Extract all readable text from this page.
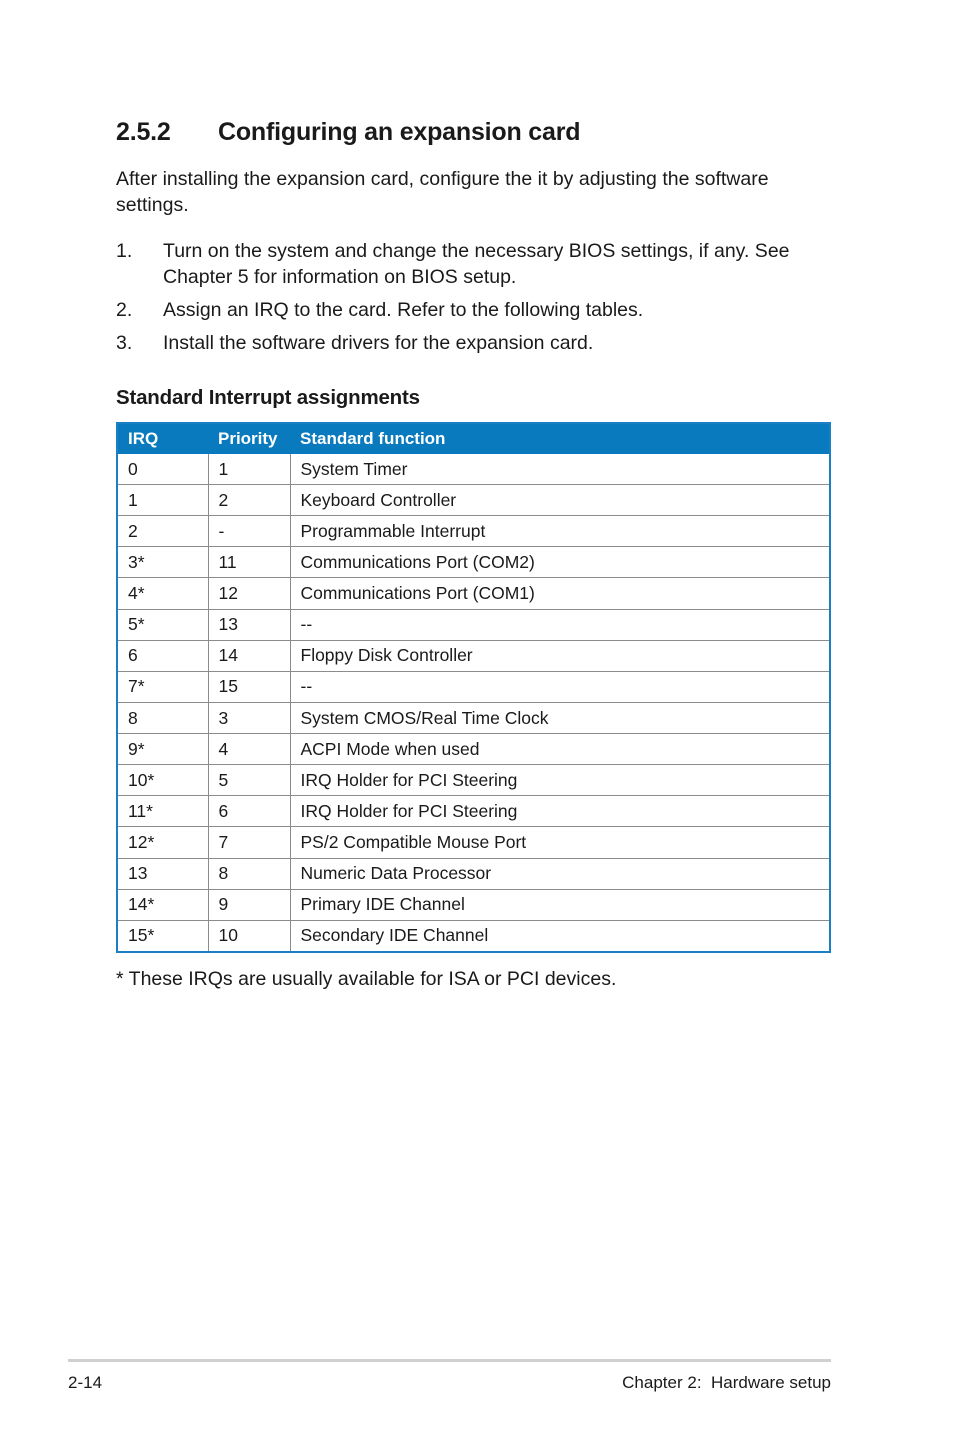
2.5.2 Configuring an expansion card

After installing the expansion card, configure the it by adjusting the software settings.

1. Turn on the system and change the necessary BIOS settings, if any. See Chapter 5 for information on BIOS setup.
2. Assign an IRQ to the card. Refer to the following tables.
3. Install the software drivers for the expansion card.
Standard Interrupt assignments
IRQ	Priority	Standard function
0	1	System Timer
1	2	Keyboard Controller
2	-	Programmable Interrupt
3*	11	Communications Port (COM2)
4*	12	Communications Port (COM1)
5*	13	--
6	14	Floppy Disk Controller
7*	15	--
8	3	System CMOS/Real Time Clock
9*	4	ACPI Mode when used
10*	5	IRQ Holder for PCI Steering
11*	6	IRQ Holder for PCI Steering
12*	7	PS/2 Compatible Mouse Port
13	8	Numeric Data Processor
14*	9	Primary IDE Channel
15*	10	Secondary IDE Channel

* These IRQs are usually available for ISA or PCI devices.

2-14	Chapter 2:  Hardware setup
